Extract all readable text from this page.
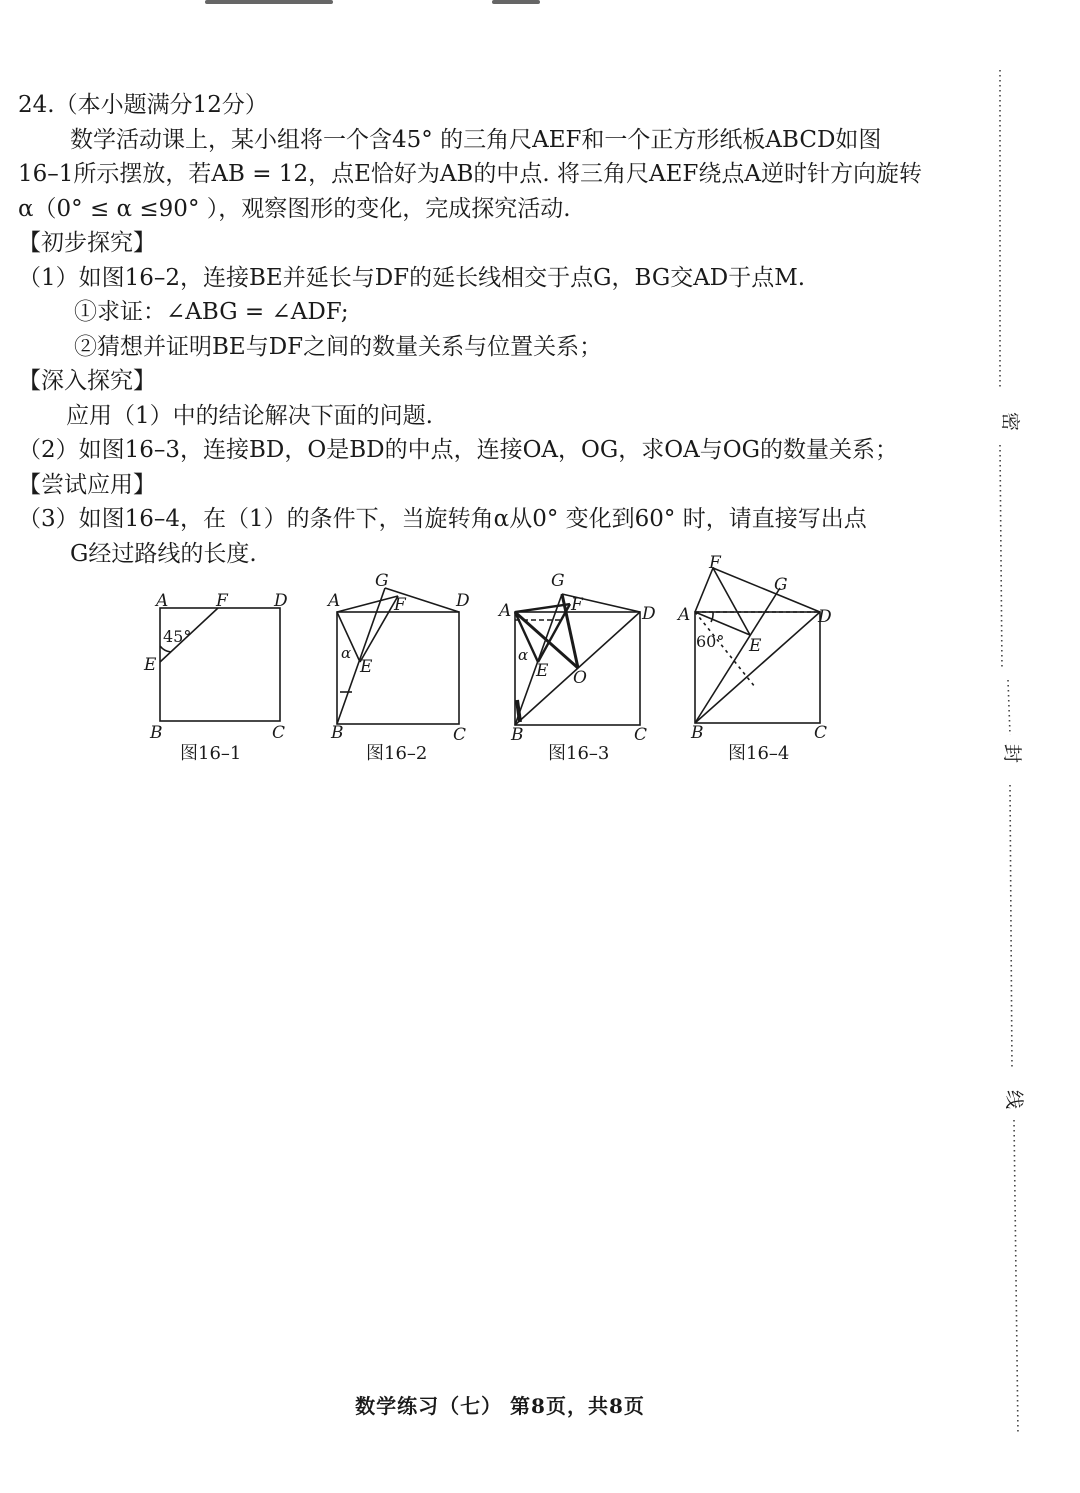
24.（本小题满分12分）
数学活动课上，某小组将一个含45° 的三角尺AEF和一个正方形纸板ABCD如图
16–1所示摆放，若AB = 12，点E恰好为AB的中点. 将三角尺AEF绕点A逆时针方向旋转
α（0° ≤ α ≤90° ），观察图形的变化，完成探究活动.
【初步探究】
（1）如图16–2，连接BE并延长与DF的延长线相交于点G，BG交AD于点M.
①求证：∠ABG = ∠ADF;
②猜想并证明BE与DF之间的数量关系与位置关系；
【深入探究】
应用（1）中的结论解决下面的问题.
（2）如图16–3，连接BD，O是BD的中点，连接OA，OG，求OA与OG的数量关系；
【尝试应用】
（3）如图16–4，在（1）的条件下，当旋转角α从0° 变化到60° 时，请直接写出点
G经过路线的长度.
A	F	D
E
B	C
45°
G
A	F	D
α
E
B	C
G
A	F	D
α
E O
B	C
F
G
A	D
60° E
B	C
图16–1	图16–2	图16–3	图16–4
密
封
线
数学练习（七） 第8页，共8页
